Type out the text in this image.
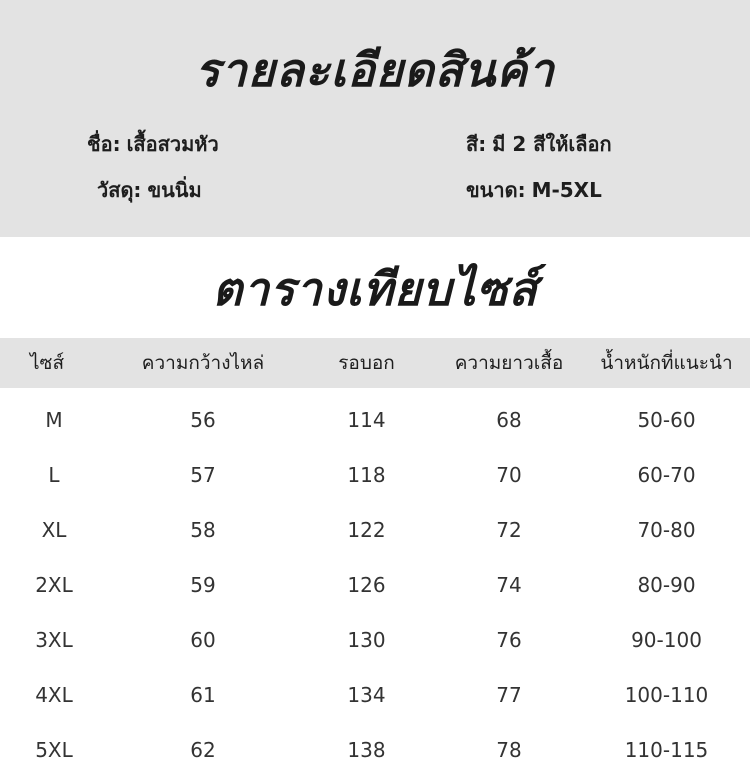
รายละเอียดสินค้า
ชื่อ: เสื้อสวมหัว	สี: มี 2 สีให้เลือก
วัสดุ: ขนนิ่ม	ขนาด: M-5XL
ตารางเทียบไซส์
ไซส์	ความกว้างไหล่	รอบอก	ความยาวเสื้อ	น้ำหนักที่แนะนำ
M	56	114	68	50-60
L	57	118	70	60-70
XL	58	122	72	70-80
2XL	59	126	74	80-90
3XL	60	130	76	90-100
4XL	61	134	77	100-110
5XL	62	138	78	110-115
